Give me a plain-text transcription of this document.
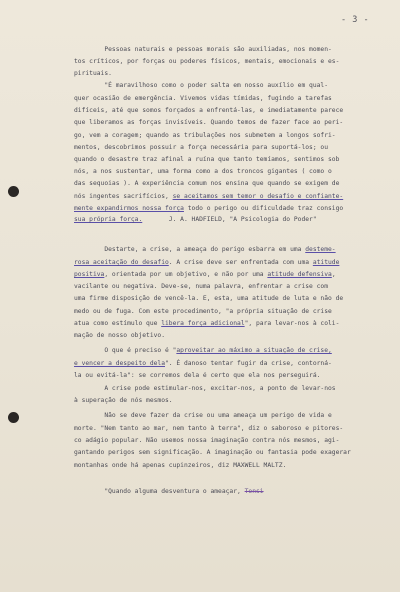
- 3 -
Pessoas naturais e pessoas morais são auxiliadas, nos momen-
tos críticos, por forças ou poderes físicos, mentais, emocionais e es-
pirituais.
"É maravilhoso como o poder salta em nosso auxílio em qual-
quer ocasião de emergência. Vivemos vidas tímidas, fugindo a tarefas
difíceis, até que somos forçados a enfrentá-las, e imediatamente parece
que liberamos as forças invisíveis. Quando temos de fazer face ao peri-
go, vem a coragem; quando as tribulações nos submetem a longos sofri-
mentos, descobrimos possuir a força necessária para suportá-los; ou
quando o desastre traz afinal a ruína que tanto temíamos, sentimos sob
nós, a nos sustentar, uma forma como a dos troncos gigantes ( como o
das sequoias ). A experiência comum nos ensina que quando se exigem de
nós ingentes sacrifícios, se aceitamos sem temor o desafio e confiante-
mente expandirmos nossa força todo o perigo ou dificuldade traz consigo
sua própria força.       J. A. HADFIELD, "A Psicologia do Poder"
Destarte, a crise, a ameaça do perigo esbarra em uma desteme-
rosa aceitação do desafio. A crise deve ser enfrentada com uma atitude
positiva, orientada por um objetivo, e não por uma atitude defensiva,
vacilante ou negativa. Deve-se, numa palavra, enfrentar a crise com
uma firme disposição de vencê-la. E, esta, uma atitude de luta e não de
medo ou de fuga. Com este procedimento, "a própria situação de crise
atua como estímulo que libera força adicional", para levar-nos à coli-
mação de nosso objetivo.
O que é preciso é "aproveitar ao máximo a situação de crise,
e vencer a despeito dela". É danoso tentar fugir da crise, contorná-
la ou evitá-la": se corremos dela é certo que ela nos perseguirá.
A crise pode estimular-nos, excitar-nos, a ponto de levar-nos
à superação de nós mesmos.
Não se deve fazer da crise ou uma ameaça um perigo de vida e
morte. "Nem tanto ao mar, nem tanto à terra", diz o saboroso e pitores-
co adágio popular. Não usemos nossa imaginação contra nós mesmos, agi-
gantando perigos sem significação. A imaginação ou fantasia pode exagerar
montanhas onde há apenas cupinzeiros, diz MAXWELL MALTZ.
"Quando alguma desventura o ameaçar, Tonsi
